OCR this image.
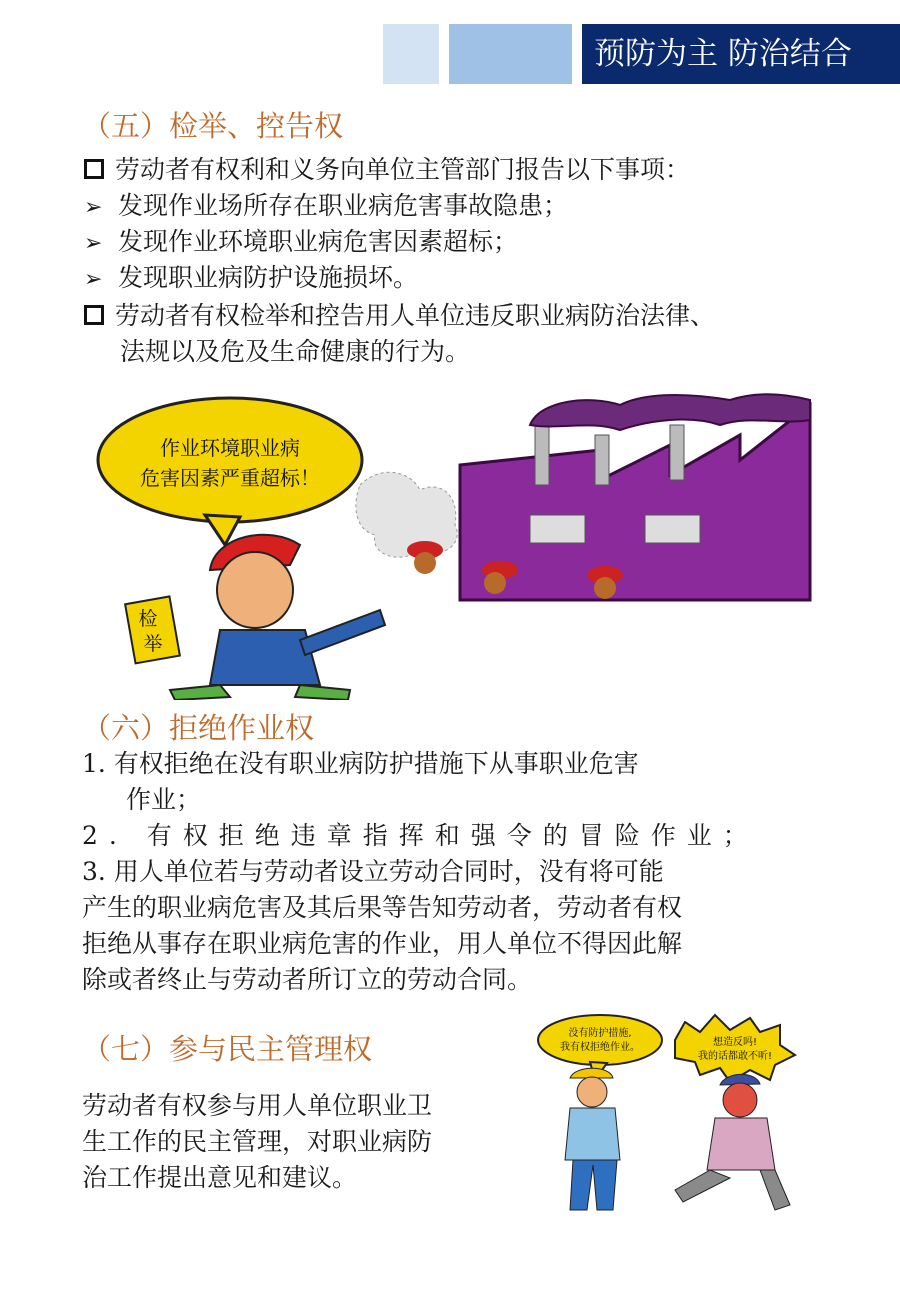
预防为主 防治结合
（五）检举、控告权
劳动者有权利和义务向单位主管部门报告以下事项：
➢ 发现作业场所存在职业病危害事故隐患；
➢ 发现作业环境职业病危害因素超标；
➢ 发现职业病防护设施损坏。
劳动者有权检举和控告用人单位违反职业病防治法律、
法规以及危及生命健康的行为。
作业环境职业病
危害因素严重超标！
检
举
（六）拒绝作业权
1. 有权拒绝在没有职业病防护措施下从事职业危害
作业；
2. 有权拒绝违章指挥和强令的冒险作业；
3. 用人单位若与劳动者设立劳动合同时，没有将可能
产生的职业病危害及其后果等告知劳动者，劳动者有权
拒绝从事存在职业病危害的作业，用人单位不得因此解
除或者终止与劳动者所订立的劳动合同。
（七）参与民主管理权
劳动者有权参与用人单位职业卫
生工作的民主管理，对职业病防
治工作提出意见和建议。
没有防护措施,
我有权拒绝作业。	想造反吗!
我的话都敢不听!
